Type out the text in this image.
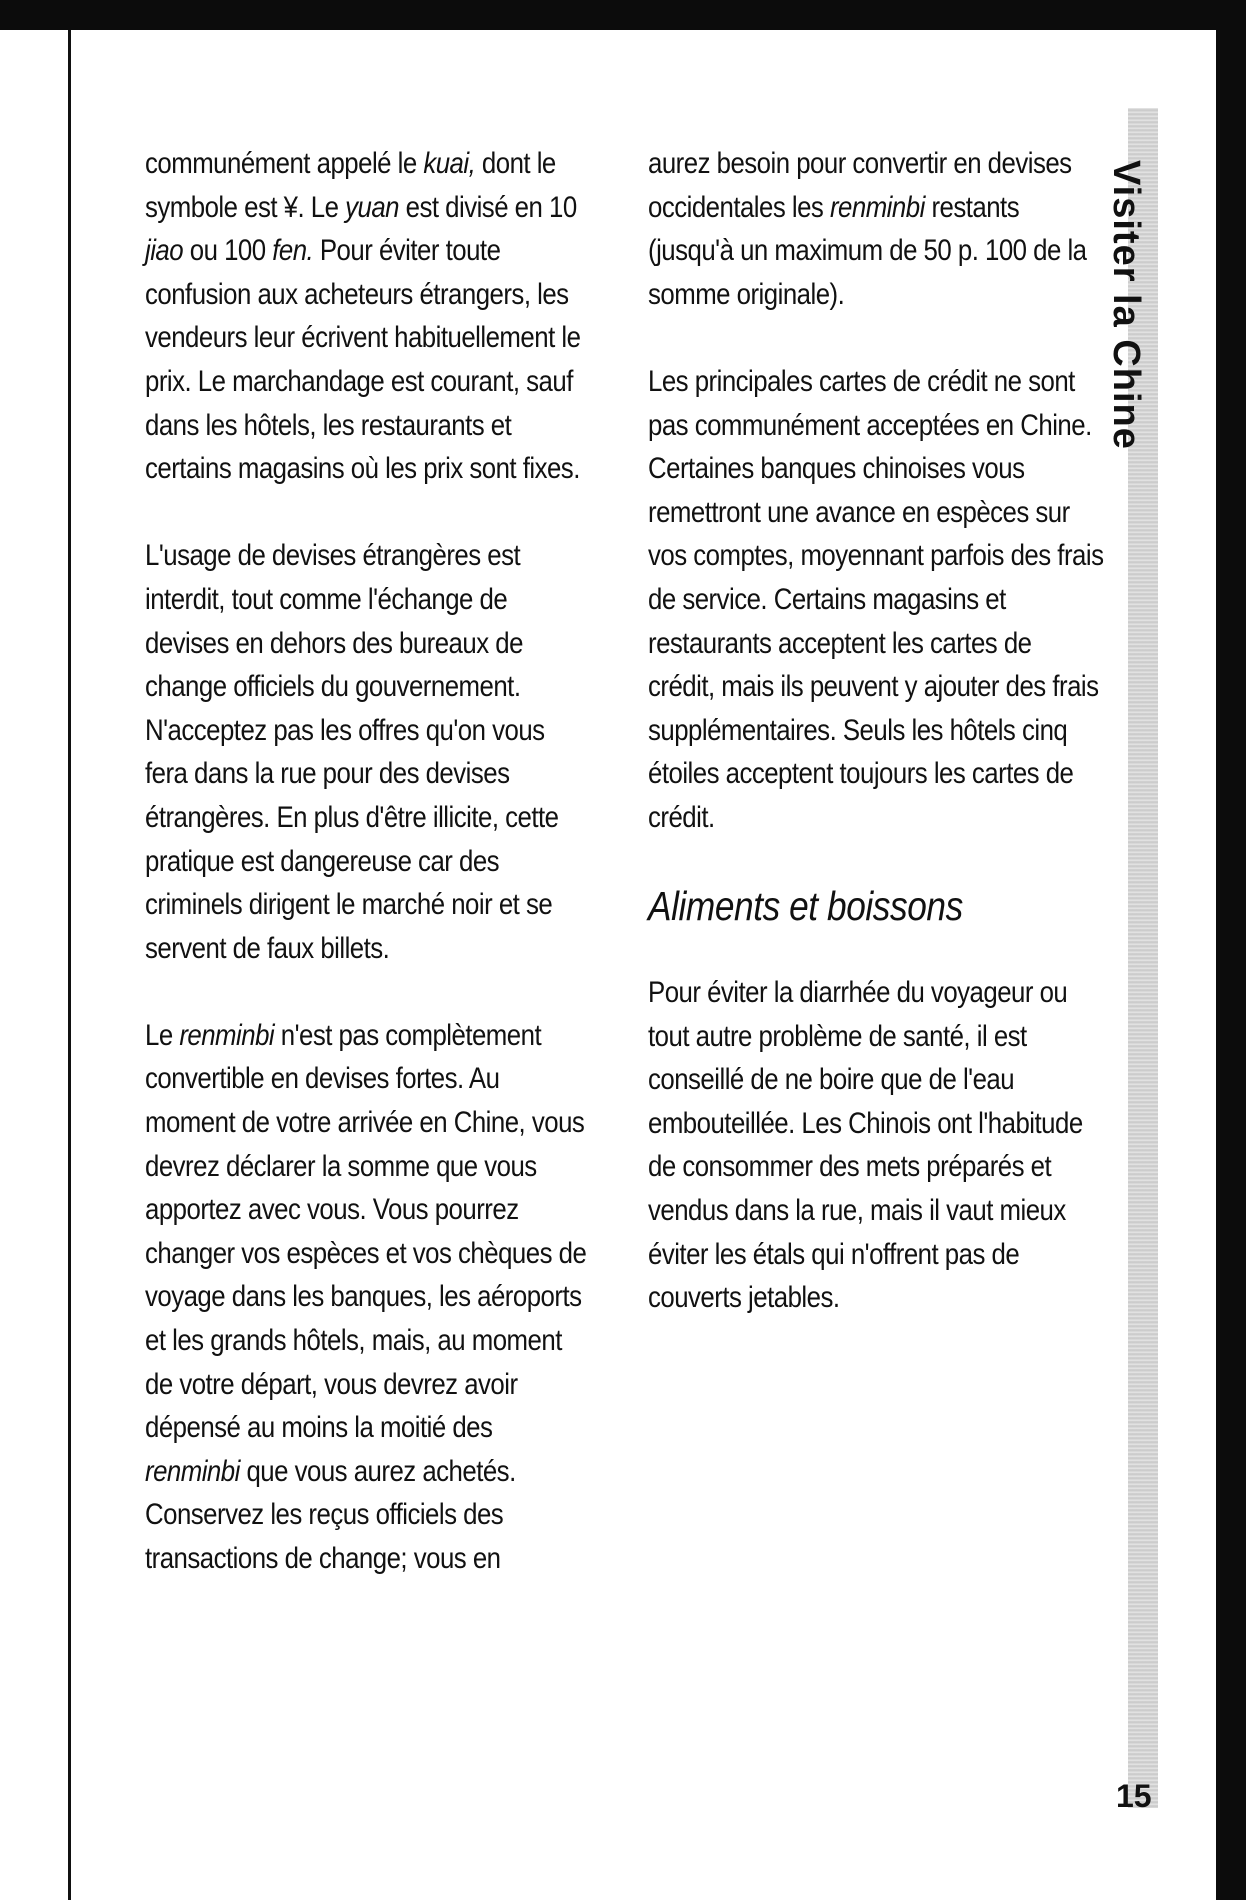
communément appelé le kuai, dont le symbole est ¥. Le yuan est divisé en 10 jiao ou 100 fen. Pour éviter toute confusion aux acheteurs étrangers, les vendeurs leur écrivent habituellement le prix. Le marchandage est courant, sauf dans les hôtels, les restaurants et certains magasins où les prix sont fixes.

L'usage de devises étrangères est interdit, tout comme l'échange de devises en dehors des bureaux de change officiels du gouvernement. N'acceptez pas les offres qu'on vous fera dans la rue pour des devises étrangères. En plus d'être illicite, cette pratique est dangereuse car des criminels dirigent le marché noir et se servent de faux billets.

Le renminbi n'est pas complètement convertible en devises fortes. Au moment de votre arrivée en Chine, vous devrez déclarer la somme que vous apportez avec vous. Vous pourrez changer vos espèces et vos chèques de voyage dans les banques, les aéroports et les grands hôtels, mais, au moment de votre départ, vous devrez avoir dépensé au moins la moitié des renminbi que vous aurez achetés.

Conservez les reçus officiels des transactions de change; vous en

aurez besoin pour convertir en devises occidentales les renminbi restants (jusqu'à un maximum de 50 p. 100 de la somme originale).

Les principales cartes de crédit ne sont pas communément acceptées en Chine. Certaines banques chinoises vous remettront une avance en espèces sur vos comptes, moyennant parfois des frais de service. Certains magasins et restaurants acceptent les cartes de crédit, mais ils peuvent y ajouter des frais supplémentaires. Seuls les hôtels cinq étoiles acceptent toujours les cartes de crédit.

Aliments et boissons

Pour éviter la diarrhée du voyageur ou tout autre problème de santé, il est conseillé de ne boire que de l'eau embouteillée. Les Chinois ont l'habitude de consommer des mets préparés et vendus dans la rue, mais il vaut mieux éviter les étals qui n'offrent pas de couverts jetables.

Visiter la Chine
15
